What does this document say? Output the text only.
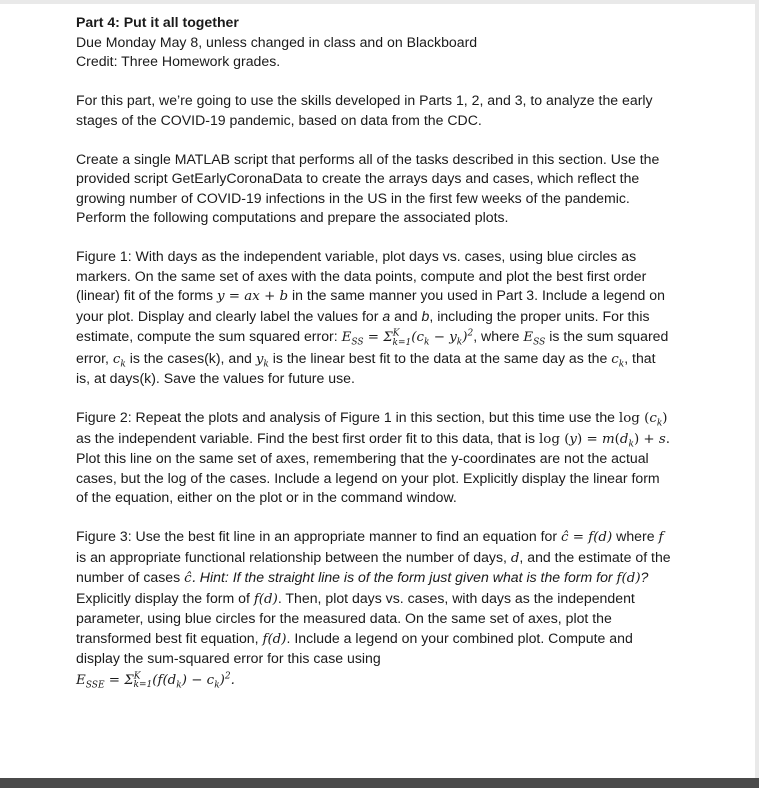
Part 4: Put it all together
Due Monday May 8, unless changed in class and on Blackboard
Credit: Three Homework grades.
For this part, we’re going to use the skills developed in Parts 1, 2, and 3, to analyze the early
stages of the COVID-19 pandemic, based on data from the CDC.
Create a single MATLAB script that performs all of the tasks described in this section. Use the
provided script GetEarlyCoronaData to create the arrays days and cases, which reflect the
growing number of COVID-19 infections in the US in the first few weeks of the pandemic.
Perform the following computations and prepare the associated plots.
Figure 1: With days as the independent variable, plot days vs. cases, using blue circles as
markers. On the same set of axes with the data points, compute and plot the best first order
(linear) fit of the forms y = ax + b in the same manner you used in Part 3. Include a legend on
your plot. Display and clearly label the values for a and b, including the proper units. For this
estimate, compute the sum squared error: $E_{SS} = \Sigma^K_{k=1}(c_k - y_k)^2$, where $E_{SS}$ is the sum squared
error, $c_k$ is the cases(k), and $y_k$ is the linear best fit to the data at the same day as the $c_k$, that
is, at days(k). Save the values for future use.
Figure 2: Repeat the plots and analysis of Figure 1 in this section, but this time use the $\log (c_k)$
as the independent variable. Find the best first order fit to this data, that is $\log (y) = m(d_k) + s$.
Plot this line on the same set of axes, remembering that the y-coordinates are not the actual
cases, but the log of the cases. Include a legend on your plot. Explicitly display the linear form
of the equation, either on the plot or in the command window.
Figure 3: Use the best fit line in an appropriate manner to find an equation for ĉ = f(d) where f
is an appropriate functional relationship between the number of days, d, and the estimate of the
number of cases ĉ. Hint: If the straight line is of the form just given what is the form for f(d)?
Explicitly display the form of f(d). Then, plot days vs. cases, with days as the independent
parameter, using blue circles for the measured data. On the same set of axes, plot the
transformed best fit equation, f(d). Include a legend on your combined plot. Compute and
display the sum-squared error for this case using
$E_{SSE} = \Sigma^K_{k=1}(f(d_k) - c_k)^2$.
